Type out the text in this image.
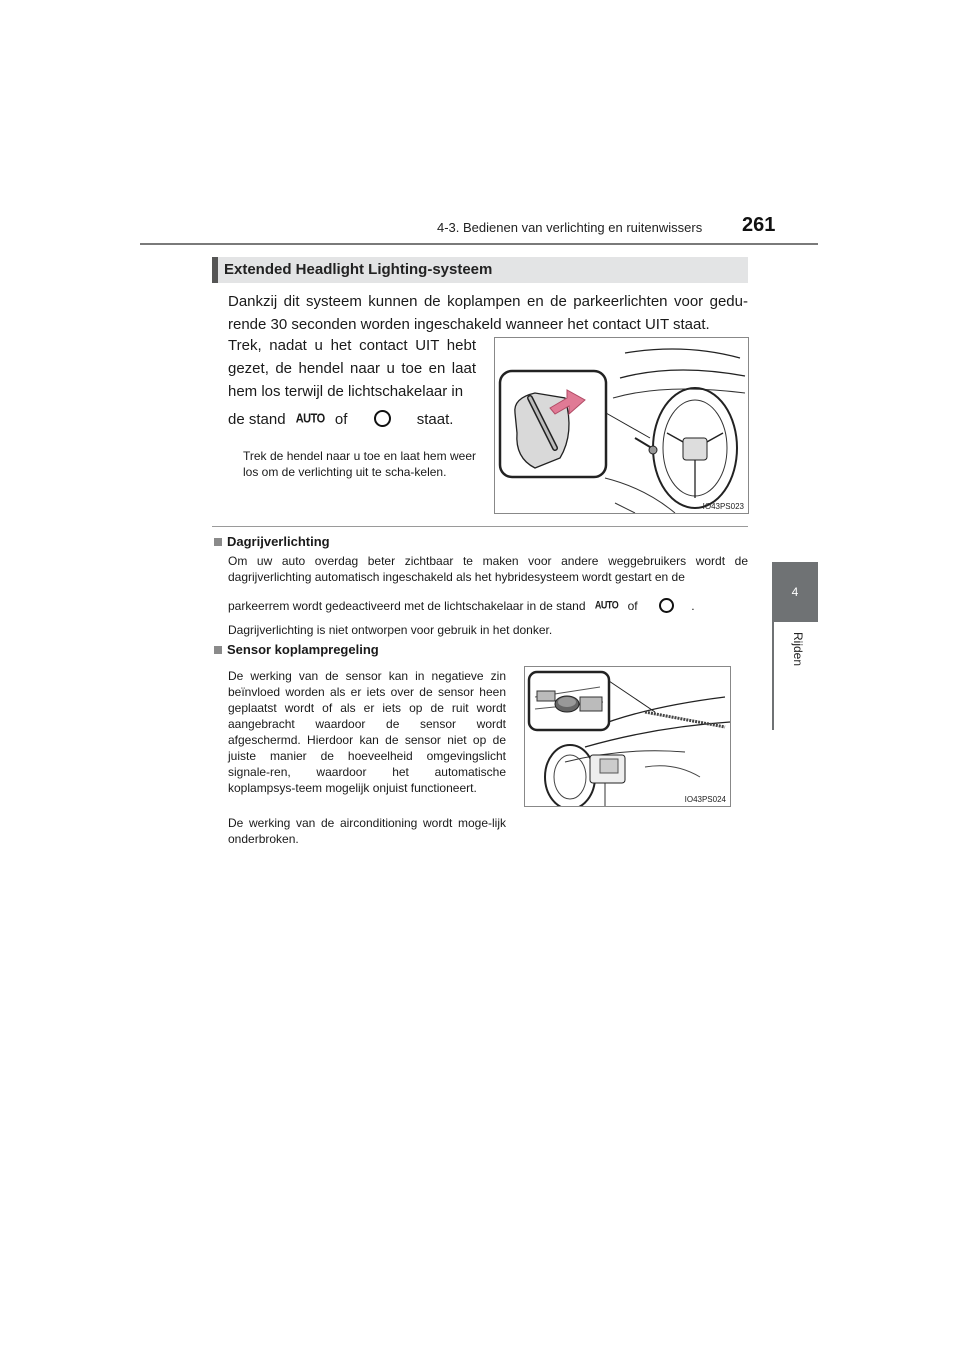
4-3. Bedienen van verlichting en ruitenwissers 261
4
Rijden
Extended Headlight Lighting-systeem
Dankzij dit systeem kunnen de koplampen en de parkeerlichten voor gedu-rende 30 seconden worden ingeschakeld wanneer het contact UIT staat.
Trek, nadat u het contact UIT hebt gezet, de hendel naar u toe en laat hem los terwijl de lichtschakelaar in
de stand AUTO of	staat.
Trek de hendel naar u toe en laat hem weer los om de verlichting uit te scha-kelen.
IO43PS023
Dagrijverlichting
Om uw auto overdag beter zichtbaar te maken voor andere weggebruikers wordt de dagrijverlichting automatisch ingeschakeld als het hybridesysteem wordt gestart en de
parkeerrem wordt gedeactiveerd met de lichtschakelaar in de stand AUTO of	.
Dagrijverlichting is niet ontworpen voor gebruik in het donker.
Sensor koplampregeling
De werking van de sensor kan in negatieve zin beïnvloed worden als er iets over de sensor heen geplaatst wordt of als er iets op de ruit wordt aangebracht waardoor de sensor wordt afgeschermd. Hierdoor kan de sensor niet op de juiste manier de hoeveelheid omgevingslicht signale-ren, waardoor het automatische koplampsys-teem mogelijk onjuist functioneert.
De werking van de airconditioning wordt moge-lijk onderbroken.
IO43PS024
